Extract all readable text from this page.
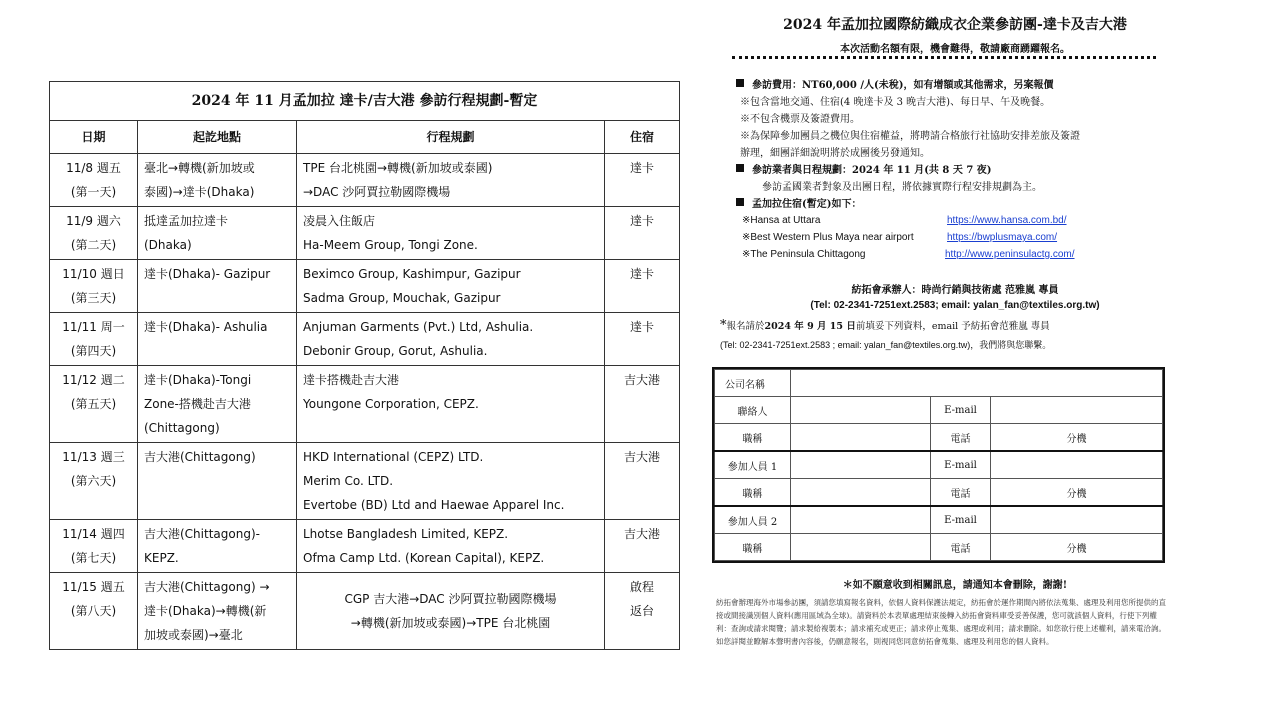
2024 年 11 月孟加拉 達卡/吉大港 參訪行程規劃-暫定			
日期	起訖地點	行程規劃	住宿

11/8 週五
(第一天)	臺北→轉機(新加坡或
泰國)→達卡(Dhaka)	TPE 台北桃園→轉機(新加坡或泰國)
→DAC 沙阿賈拉勒國際機場	達卡

11/9 週六
(第二天)	抵達孟加拉達卡
(Dhaka)	凌晨入住飯店
Ha-Meem Group, Tongi Zone.	達卡

11/10 週日
(第三天)	達卡(Dhaka)- Gazipur	Beximco Group, Kashimpur, Gazipur
Sadma Group, Mouchak, Gazipur	達卡

11/11 周一
(第四天)	達卡(Dhaka)- Ashulia	Anjuman Garments (Pvt.) Ltd, Ashulia.
Debonir Group, Gorut, Ashulia.	達卡

11/12 週二
(第五天)	達卡(Dhaka)-Tongi
Zone-搭機赴吉大港
(Chittagong)	達卡搭機赴吉大港
Youngone Corporation, CEPZ.	吉大港

11/13 週三
(第六天)	吉大港(Chittagong)	HKD International (CEPZ) LTD.
Merim Co. LTD.
Evertobe (BD) Ltd and Haewae Apparel Inc.	吉大港

11/14 週四
(第七天)	吉大港(Chittagong)-
KEPZ.	Lhotse Bangladesh Limited, KEPZ.
Ofma Camp Ltd. (Korean Capital), KEPZ.	吉大港

11/15 週五
(第八天)	吉大港(Chittagong) →
達卡(Dhaka)→轉機(新
加坡或泰國)→臺北	CGP 吉大港→DAC 沙阿賈拉勒國際機場
→轉機(新加坡或泰國)→TPE 台北桃園	啟程返台
2024 年孟加拉國際紡織成衣企業參訪團-達卡及吉大港
本次活動名額有限，機會難得，敬請廠商踴躍報名。
參訪費用：NT60,000 /人(未稅)，如有增額或其他需求，另案報價
※包含當地交通、住宿(4 晚達卡及 3 晚吉大港)、每日早、午及晚餐。
※不包含機票及簽證費用。
※為保障參加團員之機位與住宿權益，將聘請合格旅行社協助安排差旅及簽證
辦理，細團詳細說明將於成團後另發通知。
參訪業者與日程規劃：2024 年 11 月(共 8 天 7 夜)
參訪孟國業者對象及出團日程，將依據實際行程安排規劃為主。
孟加拉住宿(暫定)如下：
※Hansa at Uttara	https://www.hansa.com.bd/
※Best Western Plus Maya near airport	https://bwplusmaya.com/
※The Peninsula Chittagong	http://www.peninsulactg.com/
紡拓會承辦人：時尚行銷與技術處 范雅嵐 專員
(Tel: 02-2341-7251ext.2583; email: yalan_fan@textiles.org.tw)
*報名請於2024 年 9 月 15 日前填妥下列資料，email 予紡拓會范雅嵐 專員
(Tel: 02-2341-7251ext.2583 ; email: yalan_fan@textiles.org.tw)，我們將與您聯繫。
公司名稱			
聯絡人		E-mail	
職稱		電話	分機
參加人員 1		E-mail	
職稱		電話	分機
參加人員 2		E-mail	
職稱		電話	分機
＊如不願意收到相關訊息，請通知本會刪除，謝謝!
紡拓會辦理海外市場參訪團，須請您填寫報名資料，依個人資料保護法規定，紡拓會於運作期間內將依法蒐集、處理及利用您所提供的直接或間接識別個人資料(應用區域為全球)。請資料於本表單處理結束後轉入紡拓會資料庫受妥善保護，您可就該個人資料，行使下列權利：查詢或請求閱覽；請求製給複製本；請求補充或更正；請求停止蒐集、處理或利用；請求刪除。如您欲行使上述權利，請來電洽詢。如您詳閱並瞭解本聲明書內容後，仍願意報名，則視同您同意紡拓會蒐集、處理及利用您的個人資料。
